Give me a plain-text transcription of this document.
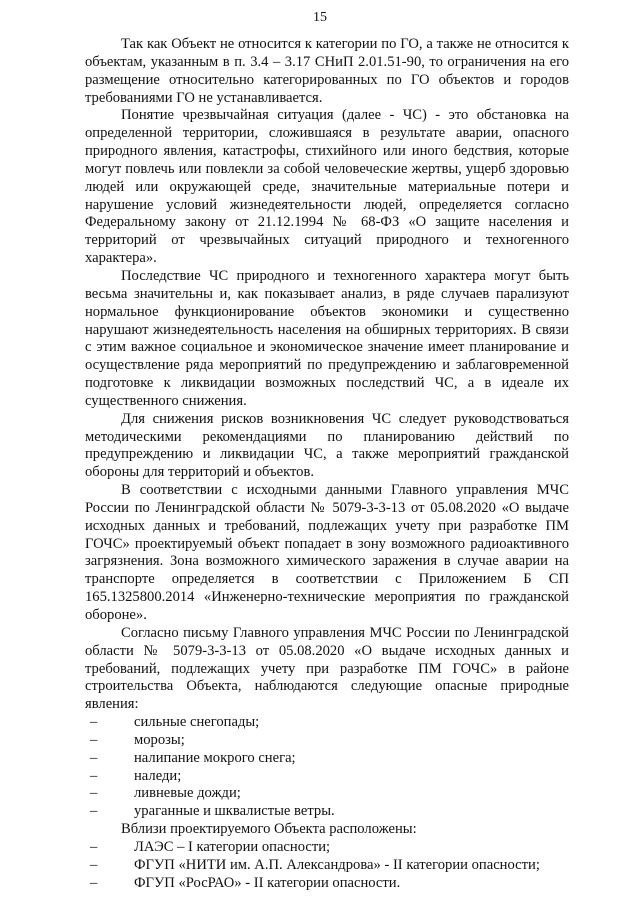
15

Так как Объект не относится к категории по ГО, а также не относится к объектам, указанным в п. 3.4 – 3.17 СНиП 2.01.51-90, то ограничения на его размещение относительно категорированных по ГО объектов и городов требованиями ГО не устанавливается.

Понятие чрезвычайная ситуация (далее - ЧС) - это обстановка на определенной территории, сложившаяся в результате аварии, опасного природного явления, катастрофы, стихийного или иного бедствия, которые могут повлечь или повлекли за собой человеческие жертвы, ущерб здоровью людей или окружающей среде, значительные материальные потери и нарушение условий жизнедеятельности людей, определяется согласно Федеральному закону от 21.12.1994 № 68-ФЗ «О защите населения и территорий от чрезвычайных ситуаций природного и техногенного характера».

Последствие ЧС природного и техногенного характера могут быть весьма значительны и, как показывает анализ, в ряде случаев парализуют нормальное функционирование объектов экономики и существенно нарушают жизнедеятельность населения на обширных территориях. В связи с этим важное социальное и экономическое значение имеет планирование и осуществление ряда мероприятий по предупреждению и заблаговременной подготовке к ликвидации возможных последствий ЧС, а в идеале их существенного снижения.

Для снижения рисков возникновения ЧС следует руководствоваться методическими рекомендациями по планированию действий по предупреждению и ликвидации ЧС, а также мероприятий гражданской обороны для территорий и объектов.

В соответствии с исходными данными Главного управления МЧС России по Ленинградской области № 5079-3-3-13 от 05.08.2020 «О выдаче исходных данных и требований, подлежащих учету при разработке ПМ ГОЧС» проектируемый объект попадает в зону возможного радиоактивного загрязнения. Зона возможного химического заражения в случае аварии на транспорте определяется в соответствии с Приложением Б СП 165.1325800.2014 «Инженерно-технические мероприятия по гражданской обороне».

Согласно письму Главного управления МЧС России по Ленинградской области № 5079-3-3-13 от 05.08.2020 «О выдаче исходных данных и требований, подлежащих учету при разработке ПМ ГОЧС» в районе строительства Объекта, наблюдаются следующие опасные природные явления:

–	сильные снегопады;
–	морозы;
–	налипание мокрого снега;
–	наледи;
–	ливневые дожди;
–	ураганные и шквалистые ветры.

Вблизи проектируемого Объекта расположены:

–	ЛАЭС – I категории опасности;
–	ФГУП «НИТИ им. А.П. Александрова» - II категории опасности;
–	ФГУП «РосРАО» - II категории опасности.
